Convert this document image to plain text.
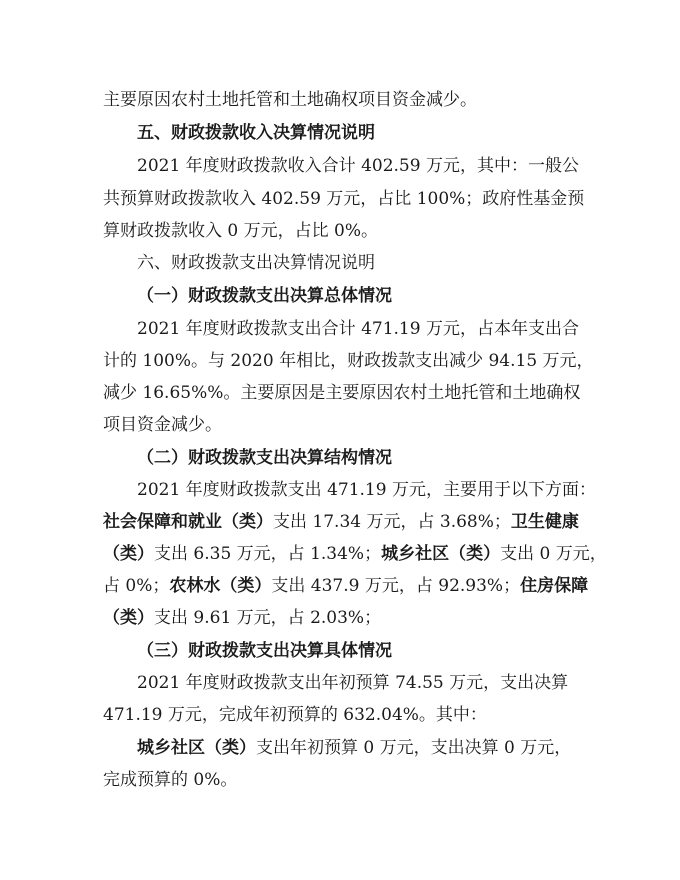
主要原因农村土地托管和土地确权项目资金减少。
五、财政拨款收入决算情况说明
2021 年度财政拨款收入合计 402.59 万元，其中：一般公
共预算财政拨款收入 402.59 万元，占比 100%；政府性基金预
算财政拨款收入 0 万元，占比 0%。
六、财政拨款支出决算情况说明
（一）财政拨款支出决算总体情况
2021 年度财政拨款支出合计 471.19 万元，占本年支出合
计的 100%。与 2020 年相比，财政拨款支出减少 94.15 万元，
减少 16.65%%。主要原因是主要原因农村土地托管和土地确权
项目资金减少。
（二）财政拨款支出决算结构情况
2021 年度财政拨款支出 471.19 万元，主要用于以下方面：
社会保障和就业（类）支出 17.34 万元，占 3.68%；卫生健康
（类）支出 6.35 万元，占 1.34%；城乡社区（类）支出 0 万元，
占 0%；农林水（类）支出 437.9 万元，占 92.93%；住房保障
（类）支出 9.61 万元，占 2.03%；
（三）财政拨款支出决算具体情况
2021 年度财政拨款支出年初预算 74.55 万元，支出决算
471.19 万元，完成年初预算的 632.04%。其中：
城乡社区（类）支出年初预算 0 万元，支出决算 0 万元，
完成预算的 0%。
